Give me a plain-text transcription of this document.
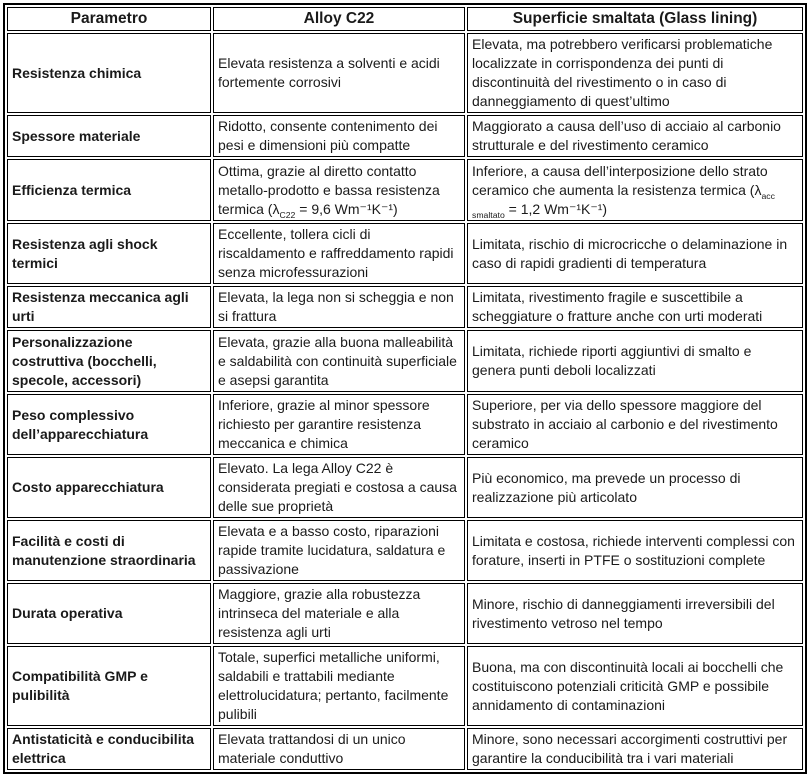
Parametro	Alloy C22	Superficie smaltata (Glass lining)
Resistenza chimica	Elevata resistenza a solventi e acidi fortemente corrosivi	Elevata, ma potrebbero verificarsi problematiche localizzate in corrispondenza dei punti di discontinuità del rivestimento o in caso di danneggiamento di quest’ultimo
Spessore materiale	Ridotto, consente contenimento dei pesi e dimensioni più compatte	Maggiorato a causa dell’uso di acciaio al carbonio strutturale e del rivestimento ceramico
Efficienza termica	Ottima, grazie al diretto contatto metallo-prodotto e bassa resistenza termica ($\lambda_{C22} = 9,6$ Wm⁻¹K⁻¹)	Inferiore, a causa dell’interposizione dello strato ceramico che aumenta la resistenza termica ($\lambda_{acc smaltato} = 1,2$ Wm⁻¹K⁻¹)
Resistenza agli shock termici	Eccellente, tollera cicli di riscaldamento e raffreddamento rapidi senza microfessurazioni	Limitata, rischio di microcricche o delaminazione in caso di rapidi gradienti di temperatura
Resistenza meccanica agli urti	Elevata, la lega non si scheggia e non si frattura	Limitata, rivestimento fragile e suscettibile a scheggiature o fratture anche con urti moderati
Personalizzazione costruttiva (bocchelli, specole, accessori)	Elevata, grazie alla buona malleabilità e saldabilità con continuità superficiale e asepsi garantita	Limitata, richiede riporti aggiuntivi di smalto e genera punti deboli localizzati
Peso complessivo dell’apparecchiatura	Inferiore, grazie al minor spessore richiesto per garantire resistenza meccanica e chimica	Superiore, per via dello spessore maggiore del substrato in acciaio al carbonio e del rivestimento ceramico
Costo apparecchiatura	Elevato. La lega Alloy C22 è considerata pregiati e costosa a causa delle sue proprietà	Più economico, ma prevede un processo di realizzazione più articolato
Facilità e costi di manutenzione straordinaria	Elevata e a basso costo, riparazioni rapide tramite lucidatura, saldatura e passivazione	Limitata e costosa, richiede interventi complessi con forature, inserti in PTFE o sostituzioni complete
Durata operativa	Maggiore, grazie alla robustezza intrinseca del materiale e alla resistenza agli urti	Minore, rischio di danneggiamenti irreversibili del rivestimento vetroso nel tempo
Compatibilità GMP e pulibilità	Totale, superfici metalliche uniformi, saldabili e trattabili mediante elettrolucidatura; pertanto, facilmente pulibili	Buona, ma con discontinuità locali ai bocchelli che costituiscono potenziali criticità GMP e possibile annidamento di contaminazioni
Antistaticità e conducibilita elettrica	Elevata trattandosi di un unico materiale conduttivo	Minore, sono necessari accorgimenti costruttivi per garantire la conducibilità tra i vari materiali
